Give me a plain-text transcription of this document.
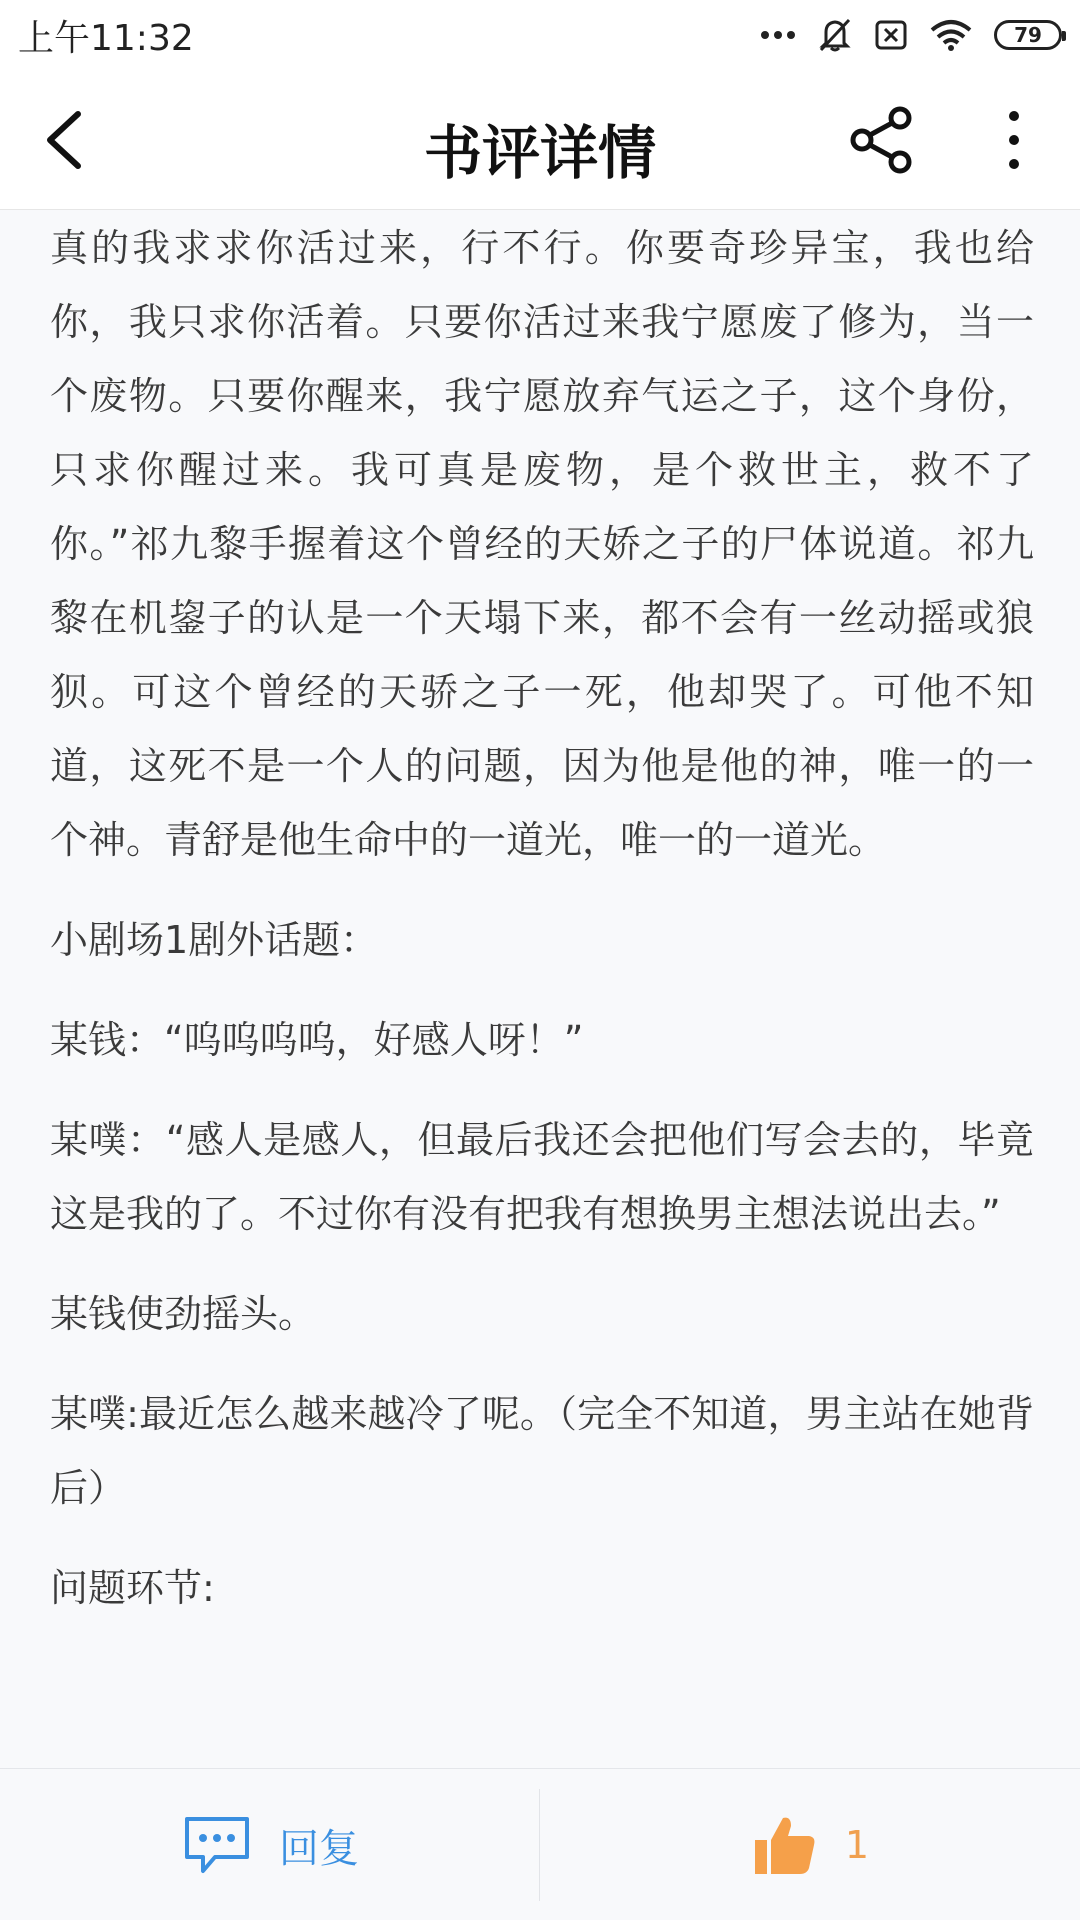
上午11:32	79
书评详情

真的我求求你活过来，行不行。你要奇珍异宝，我也给你，我只求你活着。只要你活过来我宁愿废了修为，当一个废物。只要你醒来，我宁愿放弃气运之子，这个身份，只求你醒过来。我可真是废物，是个救世主，救不了你。”祁九黎手握着这个曾经的天娇之子的尸体说道。祁九黎在机鋆子的认是一个天塌下来，都不会有一丝动摇或狼狈。可这个曾经的天骄之子一死，他却哭了。可他不知道，这死不是一个人的问题，因为他是他的神，唯一的一个神。青舒是他生命中的一道光，唯一的一道光。

小剧场1剧外话题：

某钱：“呜呜呜呜，好感人呀！”

某噗：“感人是感人，但最后我还会把他们写会去的，毕竟这是我的了。不过你有没有把我有想换男主想法说出去。”

某钱使劲摇头。

某噗:最近怎么越来越冷了呢。（完全不知道，男主站在她背后）

问题环节:

回复	1
